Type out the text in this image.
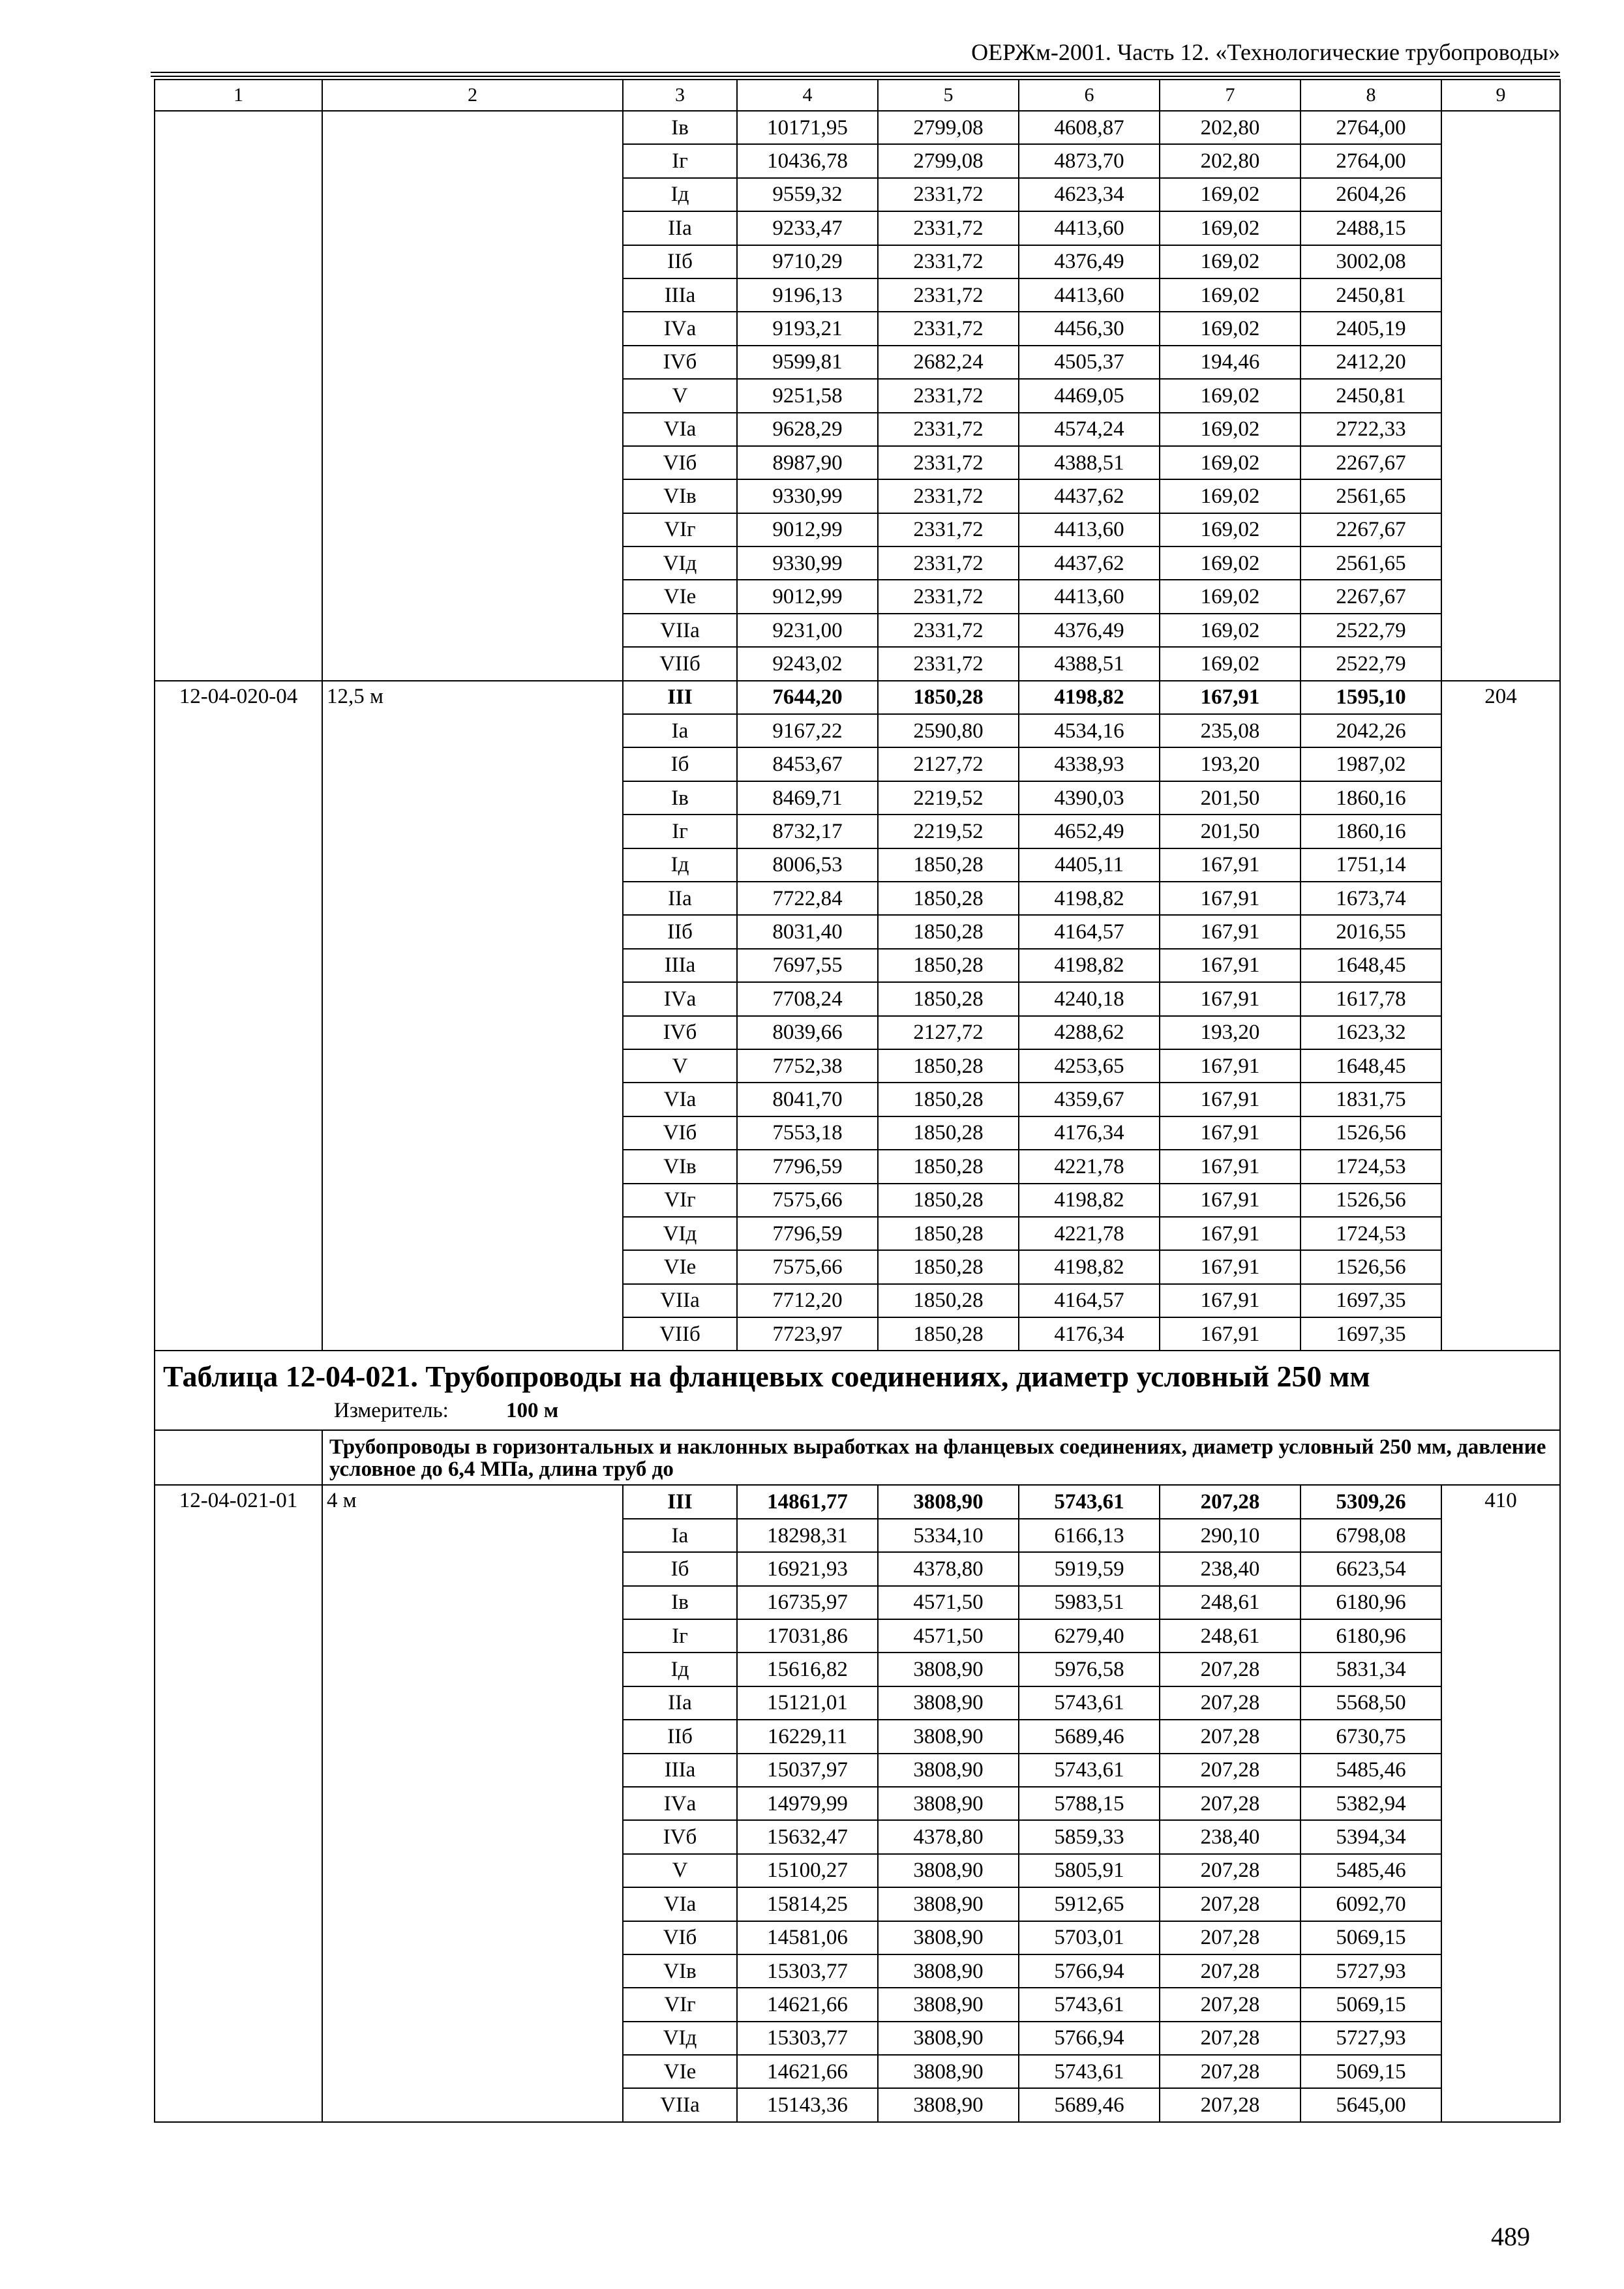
ОЕРЖм-2001. Часть 12. «Технологические трубопроводы»
1	2	3	4	5	6	7	8	9
		Iв	10171,95	2799,08	4608,87	202,80	2764,00	
		Iг	10436,78	2799,08	4873,70	202,80	2764,00	
		Iд	9559,32	2331,72	4623,34	169,02	2604,26	
		IIа	9233,47	2331,72	4413,60	169,02	2488,15	
		IIб	9710,29	2331,72	4376,49	169,02	3002,08	
		IIIа	9196,13	2331,72	4413,60	169,02	2450,81	
		IVа	9193,21	2331,72	4456,30	169,02	2405,19	
		IVб	9599,81	2682,24	4505,37	194,46	2412,20	
		V	9251,58	2331,72	4469,05	169,02	2450,81	
		VIа	9628,29	2331,72	4574,24	169,02	2722,33	
		VIб	8987,90	2331,72	4388,51	169,02	2267,67	
		VIв	9330,99	2331,72	4437,62	169,02	2561,65	
		VIг	9012,99	2331,72	4413,60	169,02	2267,67	
		VIд	9330,99	2331,72	4437,62	169,02	2561,65	
		VIе	9012,99	2331,72	4413,60	169,02	2267,67	
		VIIа	9231,00	2331,72	4376,49	169,02	2522,79	
		VIIб	9243,02	2331,72	4388,51	169,02	2522,79	
12-04-020-04	12,5 м	III	7644,20	1850,28	4198,82	167,91	1595,10	204
		Iа	9167,22	2590,80	4534,16	235,08	2042,26	
		Iб	8453,67	2127,72	4338,93	193,20	1987,02	
		Iв	8469,71	2219,52	4390,03	201,50	1860,16	
		Iг	8732,17	2219,52	4652,49	201,50	1860,16	
		Iд	8006,53	1850,28	4405,11	167,91	1751,14	
		IIа	7722,84	1850,28	4198,82	167,91	1673,74	
		IIб	8031,40	1850,28	4164,57	167,91	2016,55	
		IIIа	7697,55	1850,28	4198,82	167,91	1648,45	
		IVа	7708,24	1850,28	4240,18	167,91	1617,78	
		IVб	8039,66	2127,72	4288,62	193,20	1623,32	
		V	7752,38	1850,28	4253,65	167,91	1648,45	
		VIа	8041,70	1850,28	4359,67	167,91	1831,75	
		VIб	7553,18	1850,28	4176,34	167,91	1526,56	
		VIв	7796,59	1850,28	4221,78	167,91	1724,53	
		VIг	7575,66	1850,28	4198,82	167,91	1526,56	
		VIд	7796,59	1850,28	4221,78	167,91	1724,53	
		VIе	7575,66	1850,28	4198,82	167,91	1526,56	
		VIIа	7712,20	1850,28	4164,57	167,91	1697,35	
		VIIб	7723,97	1850,28	4176,34	167,91	1697,35	

Таблица 12-04-021. Трубопроводы на фланцевых соединениях, диаметр условный 250 мм
Измеритель: 100 м								

	Трубопроводы в горизонтальных и наклонных выработках на фланцевых соединениях, диаметр условный 250 мм, давление условное до 6,4 МПа, длина труб до							
12-04-021-01	4 м	III	14861,77	3808,90	5743,61	207,28	5309,26	410
		Iа	18298,31	5334,10	6166,13	290,10	6798,08	
		Iб	16921,93	4378,80	5919,59	238,40	6623,54	
		Iв	16735,97	4571,50	5983,51	248,61	6180,96	
		Iг	17031,86	4571,50	6279,40	248,61	6180,96	
		Iд	15616,82	3808,90	5976,58	207,28	5831,34	
		IIа	15121,01	3808,90	5743,61	207,28	5568,50	
		IIб	16229,11	3808,90	5689,46	207,28	6730,75	
		IIIа	15037,97	3808,90	5743,61	207,28	5485,46	
		IVа	14979,99	3808,90	5788,15	207,28	5382,94	
		IVб	15632,47	4378,80	5859,33	238,40	5394,34	
		V	15100,27	3808,90	5805,91	207,28	5485,46	
		VIа	15814,25	3808,90	5912,65	207,28	6092,70	
		VIб	14581,06	3808,90	5703,01	207,28	5069,15	
		VIв	15303,77	3808,90	5766,94	207,28	5727,93	
		VIг	14621,66	3808,90	5743,61	207,28	5069,15	
		VIд	15303,77	3808,90	5766,94	207,28	5727,93	
		VIе	14621,66	3808,90	5743,61	207,28	5069,15	
		VIIа	15143,36	3808,90	5689,46	207,28	5645,00	
489
